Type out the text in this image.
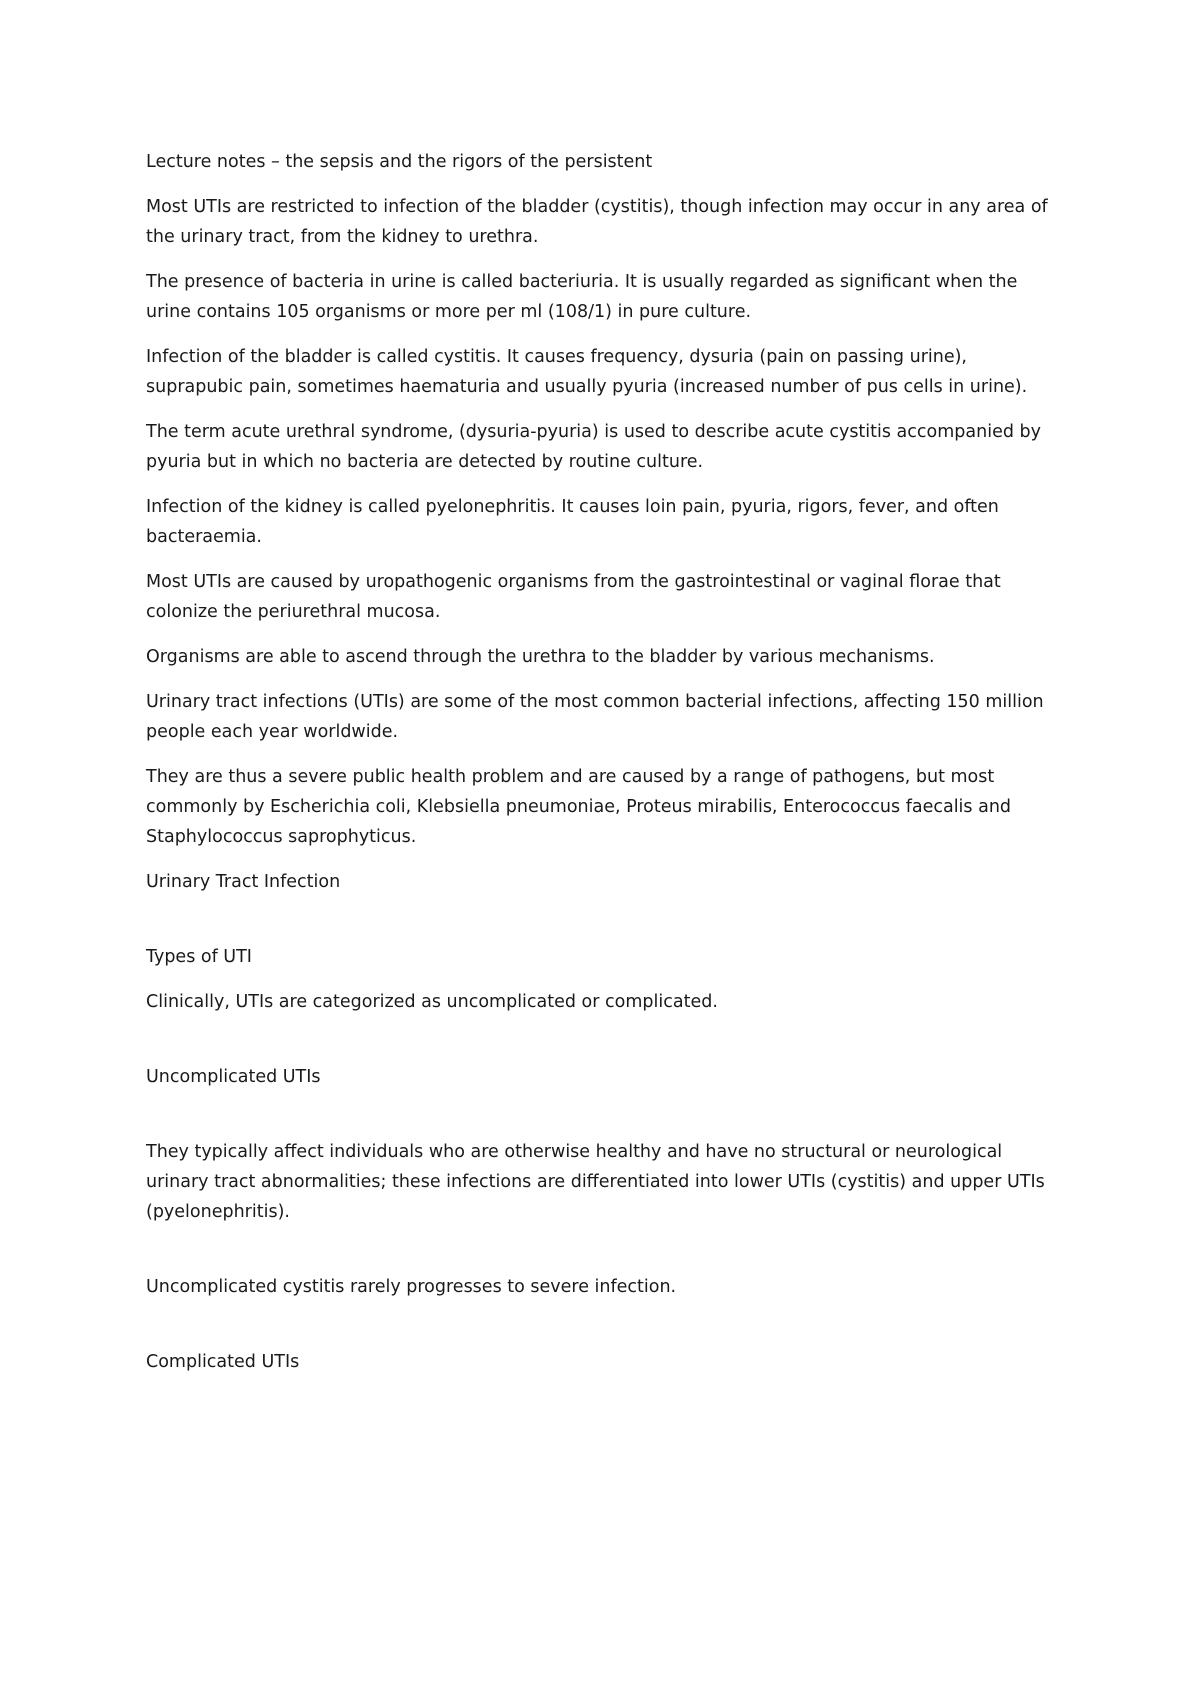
Lecture notes – the sepsis and the rigors of the persistent

Most UTIs are restricted to infection of the bladder (cystitis), though infection may occur in any area of the urinary tract, from the kidney to urethra.

The presence of bacteria in urine is called bacteriuria. It is usually regarded as significant when the urine contains 105 organisms or more per ml (108/1) in pure culture.

Infection of the bladder is called cystitis. It causes frequency, dysuria (pain on passing urine), suprapubic pain, sometimes haematuria and usually pyuria (increased number of pus cells in urine).

The term acute urethral syndrome, (dysuria-pyuria) is used to describe acute cystitis accompanied by pyuria but in which no bacteria are detected by routine culture.

Infection of the kidney is called pyelonephritis. It causes loin pain, pyuria, rigors, fever, and often bacteraemia.

Most UTIs are caused by uropathogenic organisms from the gastrointestinal or vaginal florae that colonize the periurethral mucosa.

Organisms are able to ascend through the urethra to the bladder by various mechanisms.

Urinary tract infections (UTIs) are some of the most common bacterial infections, affecting 150 million people each year worldwide.

They are thus a severe public health problem and are caused by a range of pathogens, but most commonly by Escherichia coli, Klebsiella pneumoniae, Proteus mirabilis, Enterococcus faecalis and Staphylococcus saprophyticus.

Urinary Tract Infection

Types of UTI

Clinically, UTIs are categorized as uncomplicated or complicated.

Uncomplicated UTIs

They typically affect individuals who are otherwise healthy and have no structural or neurological urinary tract abnormalities; these infections are differentiated into lower UTIs (cystitis) and upper UTIs (pyelonephritis).

Uncomplicated cystitis rarely progresses to severe infection.

Complicated UTIs
